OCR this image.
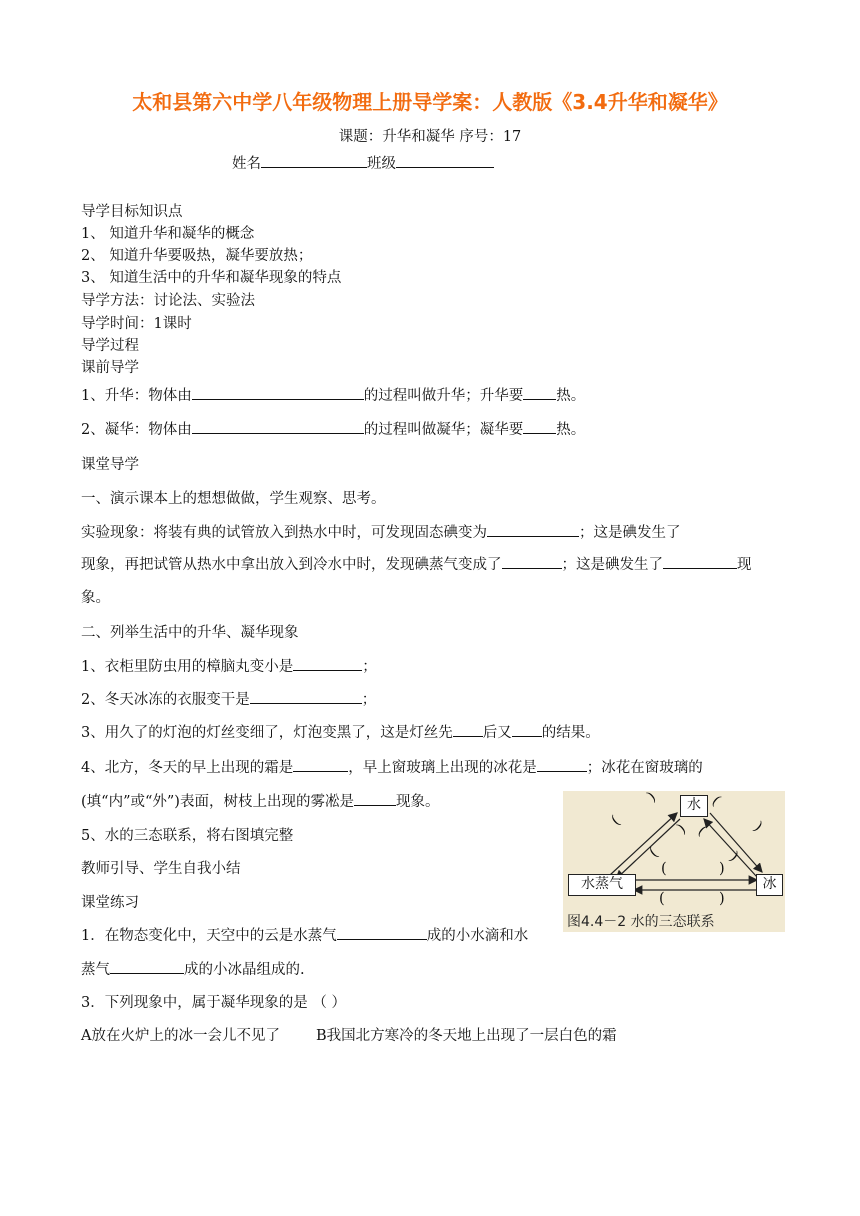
太和县第六中学八年级物理上册导学案：人教版《3.4升华和凝华》
课题：升华和凝华 序号：17
姓名	班级
导学目标知识点
1、 知道升华和凝华的概念
2、 知道升华要吸热，凝华要放热；
3、 知道生活中的升华和凝华现象的特点
导学方法：讨论法、实验法
导学时间：1课时
导学过程
课前导学
1、升华：物体由	的过程叫做升华；升华要 热。
2、凝华：物体由	的过程叫做凝华；凝华要 热。
课堂导学
一、演示课本上的想想做做，学生观察、思考。
实验现象：将装有典的试管放入到热水中时，可发现固态碘变为	；这是碘发生了
现象，再把试管从热水中拿出放入到冷水中时，发现碘蒸气变成了	；这是碘发生了	现
象。
二、列举生活中的升华、凝华现象
1、衣柜里防虫用的樟脑丸变小是	；
2、冬天冰冻的衣服变干是	；
3、用久了的灯泡的灯丝变细了，灯泡变黑了，这是灯丝先 后又 的结果。
4、北方，冬天的早上出现的霜是	，早上窗玻璃上出现的冰花是	；冰花在窗玻璃的
(填“内”或“外”)表面，树枝上出现的雾凇是	现象。
5、水的三态联系，将右图填完整
教师引导、学生自我小结
课堂练习
1．在物态变化中，天空中的云是水蒸气	成的小水滴和水
蒸气	成的小冰晶组成的.
3．下列现象中，属于凝华现象的是 （ ）
A放在火炉上的冰一会儿不见了 B我国北方寒冷的冬天地上出现了一层白色的霜
水
水蒸气	冰
(
)
(
)
(
)
(
)
(	)
(	)
图4.4－2 水的三态联系
